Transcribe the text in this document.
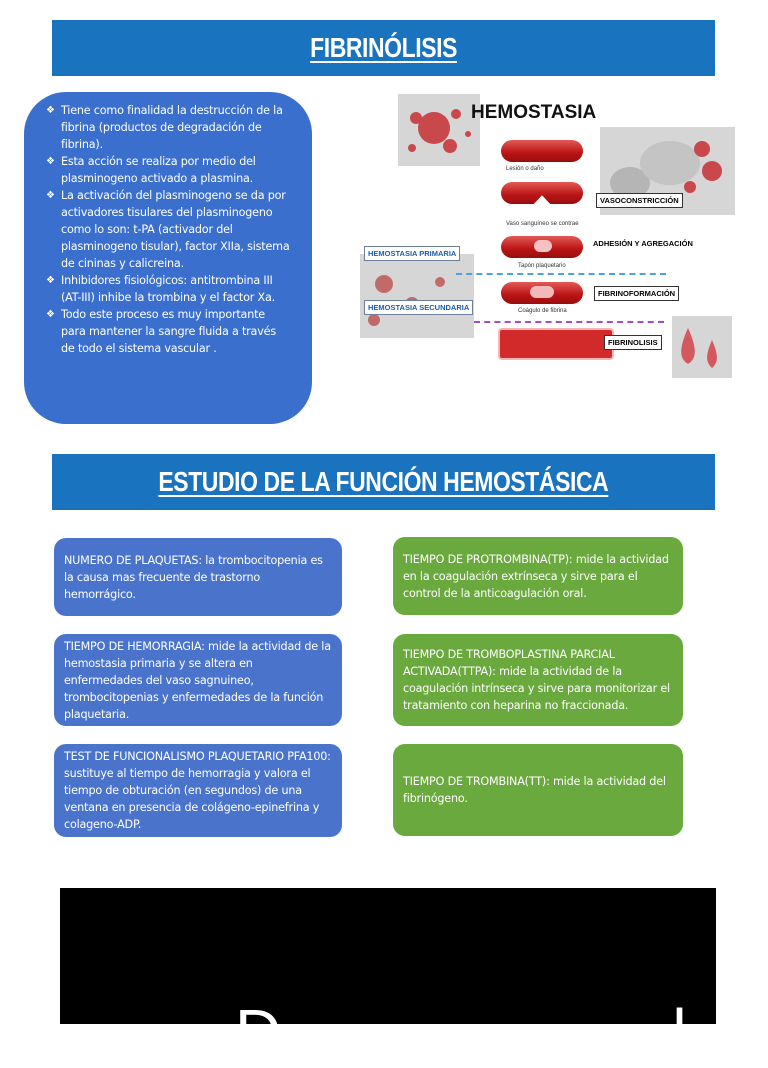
FIBRINÓLISIS
❖ Tiene como finalidad la destrucción de la fibrina (productos de degradación de fibrina).
❖ Esta acción se realiza por medio del plasminogeno activado a plasmina.
❖ La activación del plasminogeno se da por activadores tisulares del plasminogeno como lo son: t-PA (activador del plasminogeno tisular), factor XIIa, sistema de cininas y calicreina.
❖ Inhibidores fisiológicos: antitrombina III (AT-III) inhibe la trombina y el factor Xa.
❖ Todo este proceso es muy importante para mantener la sangre fluida a través de todo el sistema vascular .
HEMOSTASIA
Lesión o daño
Vaso sanguíneo se contrae
Tapón plaquetario
Coágulo de fibrina
VASOCONSTRICCIÓN
ADHESIÓN Y AGREGACIÓN
FIBRINOFORMACIÓN
FIBRINOLISIS
HEMOSTASIA PRIMARIA
HEMOSTASIA SECUNDARIA
ESTUDIO DE LA FUNCIÓN HEMOSTÁSICA
NUMERO DE PLAQUETAS: la trombocitopenia es la causa mas frecuente de trastorno hemorrágico.
TIEMPO DE HEMORRAGIA: mide la actividad de la hemostasia primaria y se altera en enfermedades del vaso sagnuineo, trombocitopenias y enfermedades de la función plaquetaria.
TEST DE FUNCIONALISMO PLAQUETARIO PFA100: sustituye al tiempo de hemorragia y valora el tiempo de obturación (en segundos) de una ventana en presencia de colágeno-epinefrina y colageno-ADP.
TIEMPO DE PROTROMBINA(TP): mide la actividad en la coagulación extrínseca y sirve para el control de la anticoagulación oral.
TIEMPO DE TROMBOPLASTINA PARCIAL ACTIVADA(TTPA): mide la actividad de la coagulación intrínseca y sirve para monitorizar el tratamiento con heparina no fraccionada.
TIEMPO DE TROMBINA(TT): mide la actividad del fibrinógeno.
D                      l
